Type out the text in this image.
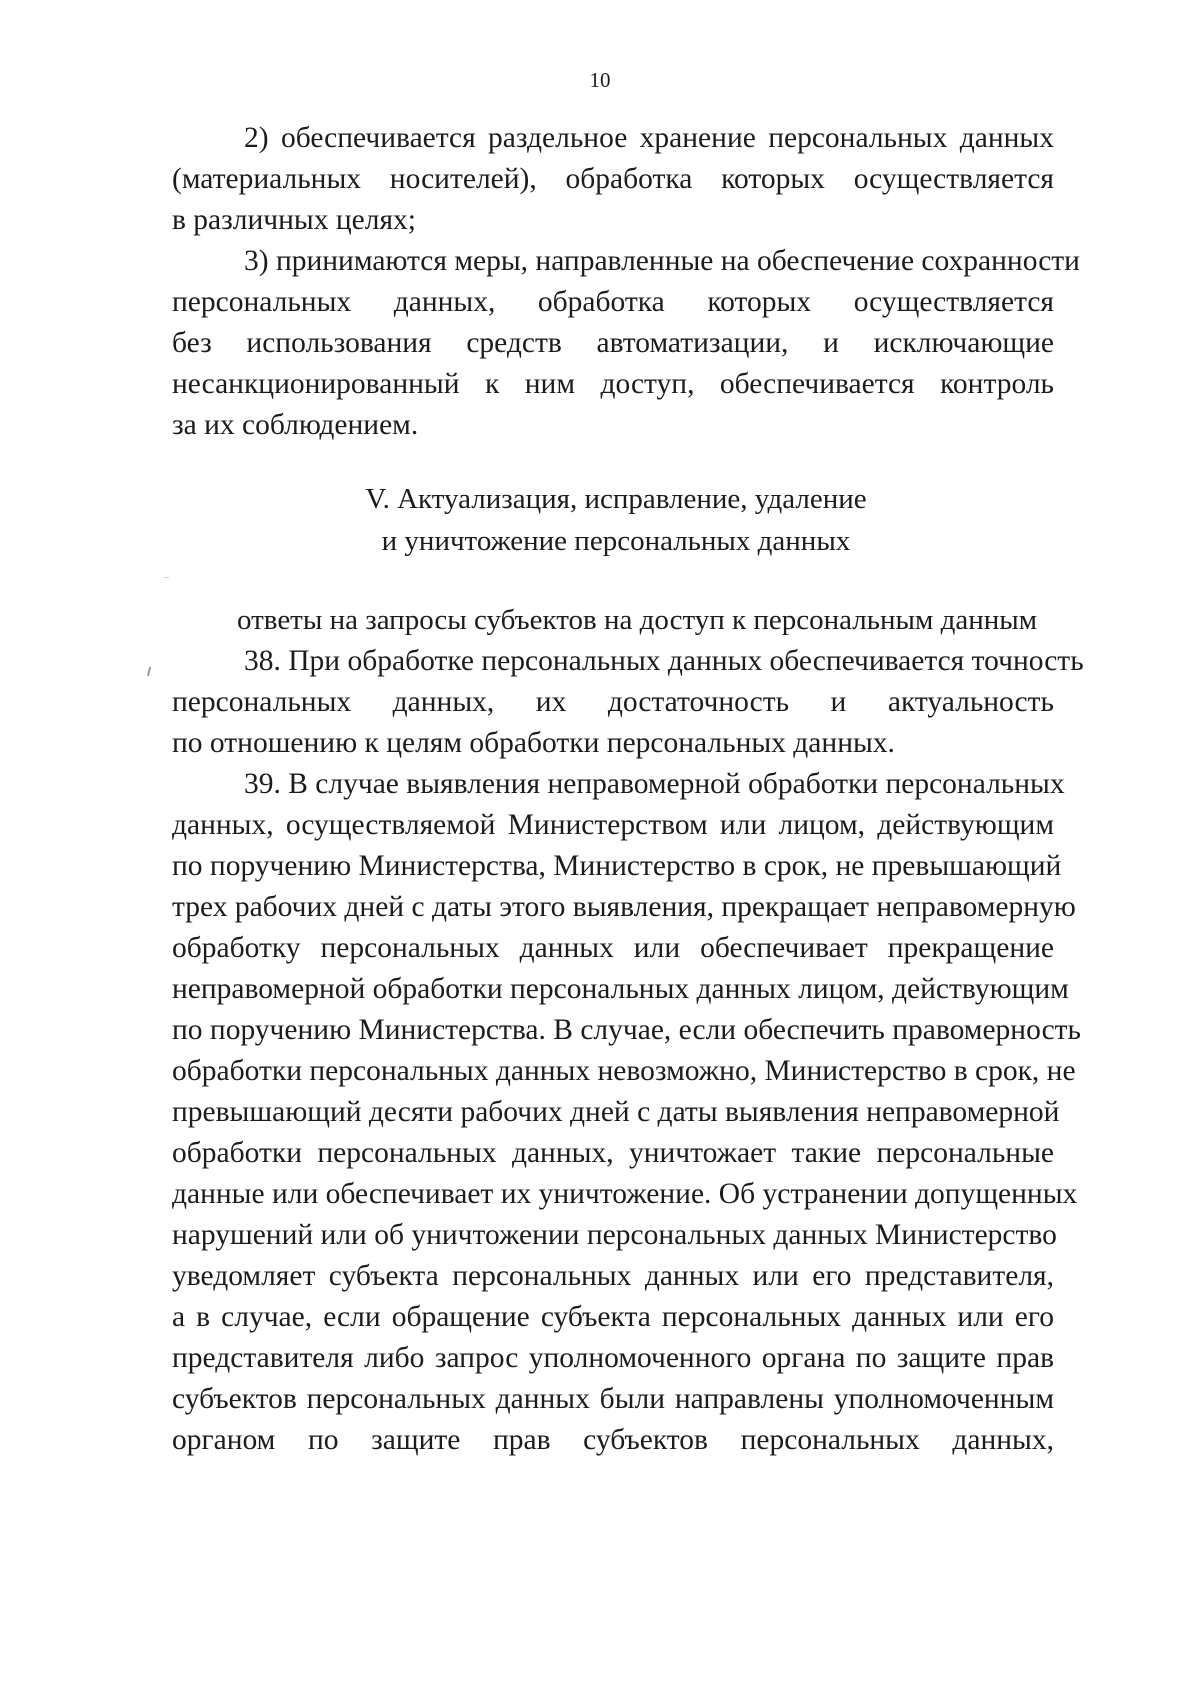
10
2) обеспечивается раздельное хранение персональных данных
(материальных носителей), обработка которых осуществляется
в различных целях;
3) принимаются меры, направленные на обеспечение сохранности
персональных данных, обработка которых осуществляется
без использования средств автоматизации, и исключающие
несанкционированный к ним доступ, обеспечивается контроль
за их соблюдением.
V. Актуализация, исправление, удаление
и уничтожение персональных данных
ответы на запросы субъектов на доступ к персональным данным
38. При обработке персональных данных обеспечивается точность
персональных данных, их достаточность и актуальность
по отношению к целям обработки персональных данных.
39. В случае выявления неправомерной обработки персональных
данных, осуществляемой Министерством или лицом, действующим
по поручению Министерства, Министерство в срок, не превышающий
трех рабочих дней с даты этого выявления, прекращает неправомерную
обработку персональных данных или обеспечивает прекращение
неправомерной обработки персональных данных лицом, действующим
по поручению Министерства. В случае, если обеспечить правомерность
обработки персональных данных невозможно, Министерство в срок, не
превышающий десяти рабочих дней с даты выявления неправомерной
обработки персональных данных, уничтожает такие персональные
данные или обеспечивает их уничтожение. Об устранении допущенных
нарушений или об уничтожении персональных данных Министерство
уведомляет субъекта персональных данных или его представителя,
а в случае, если обращение субъекта персональных данных или его
представителя либо запрос уполномоченного органа по защите прав
субъектов персональных данных были направлены уполномоченным
органом по защите прав субъектов персональных данных,
